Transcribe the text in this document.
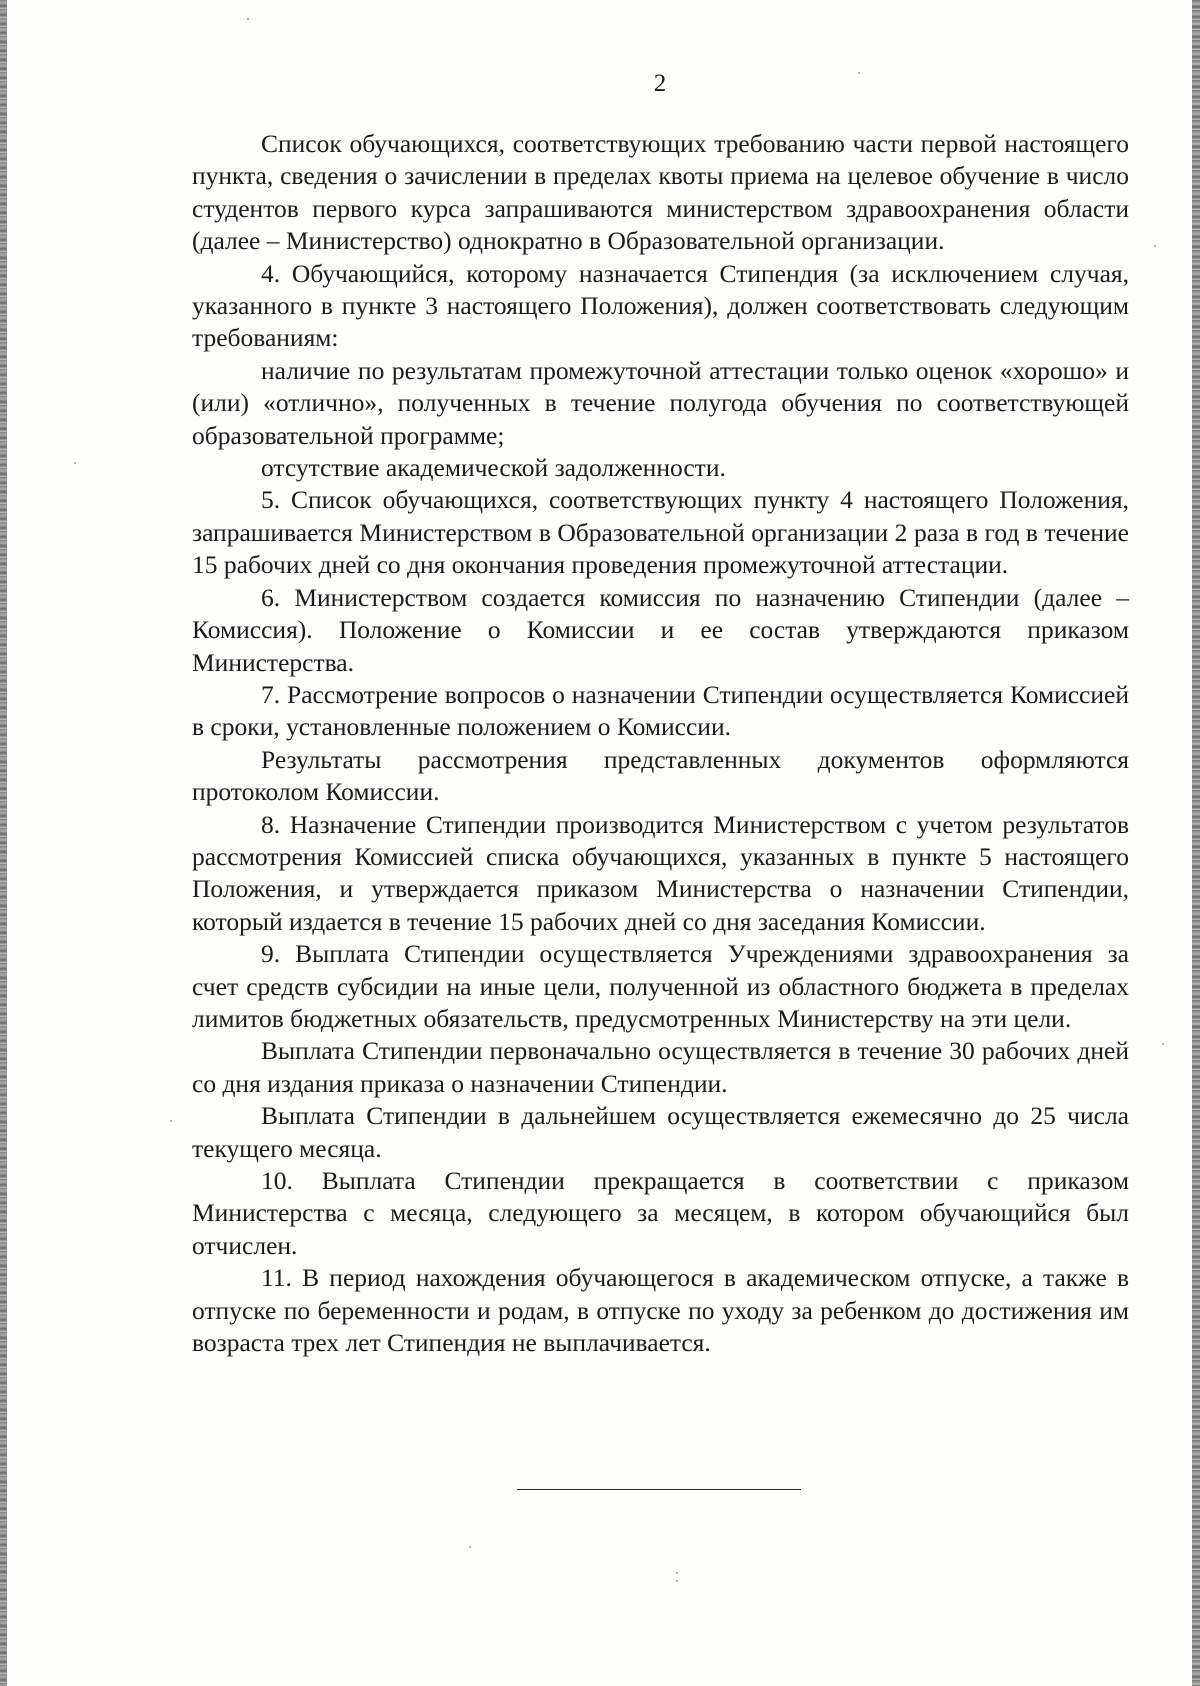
2

Список обучающихся, соответствующих требованию части первой настоящего пункта, сведения о зачислении в пределах квоты приема на целевое обучение в число студентов первого курса запрашиваются министерством здравоохранения области (далее – Министерство) однократно в Образовательной организации.

4. Обучающийся, которому назначается Стипендия (за исключением случая, указанного в пункте 3 настоящего Положения), должен соответствовать следующим требованиям:

наличие по результатам промежуточной аттестации только оценок «хорошо» и (или) «отлично», полученных в течение полугода обучения по соответствующей образовательной программе;

отсутствие академической задолженности.

5. Список обучающихся, соответствующих пункту 4 настоящего Положения, запрашивается Министерством в Образовательной организации 2 раза в год в течение 15 рабочих дней со дня окончания проведения промежуточной аттестации.

6. Министерством создается комиссия по назначению Стипендии (далее – Комиссия). Положение о Комиссии и ее состав утверждаются приказом Министерства.

7. Рассмотрение вопросов о назначении Стипендии осуществляется Комиссией в сроки, установленные положением о Комиссии.

Результаты рассмотрения представленных документов оформляются протоколом Комиссии.

8. Назначение Стипендии производится Министерством с учетом результатов рассмотрения Комиссией списка обучающихся, указанных в пункте 5 настоящего Положения, и утверждается приказом Министерства о назначении Стипендии, который издается в течение 15 рабочих дней со дня заседания Комиссии.

9. Выплата Стипендии осуществляется Учреждениями здравоохранения за счет средств субсидии на иные цели, полученной из областного бюджета в пределах лимитов бюджетных обязательств, предусмотренных Министерству на эти цели.

Выплата Стипендии первоначально осуществляется в течение 30 рабочих дней со дня издания приказа о назначении Стипендии.

Выплата Стипендии в дальнейшем осуществляется ежемесячно до 25 числа текущего месяца.

10. Выплата Стипендии прекращается в соответствии с приказом Министерства с месяца, следующего за месяцем, в котором обучающийся был отчислен.

11. В период нахождения обучающегося в академическом отпуске, а также в отпуске по беременности и родам, в отпуске по уходу за ребенком до достижения им возраста трех лет Стипендия не выплачивается.
